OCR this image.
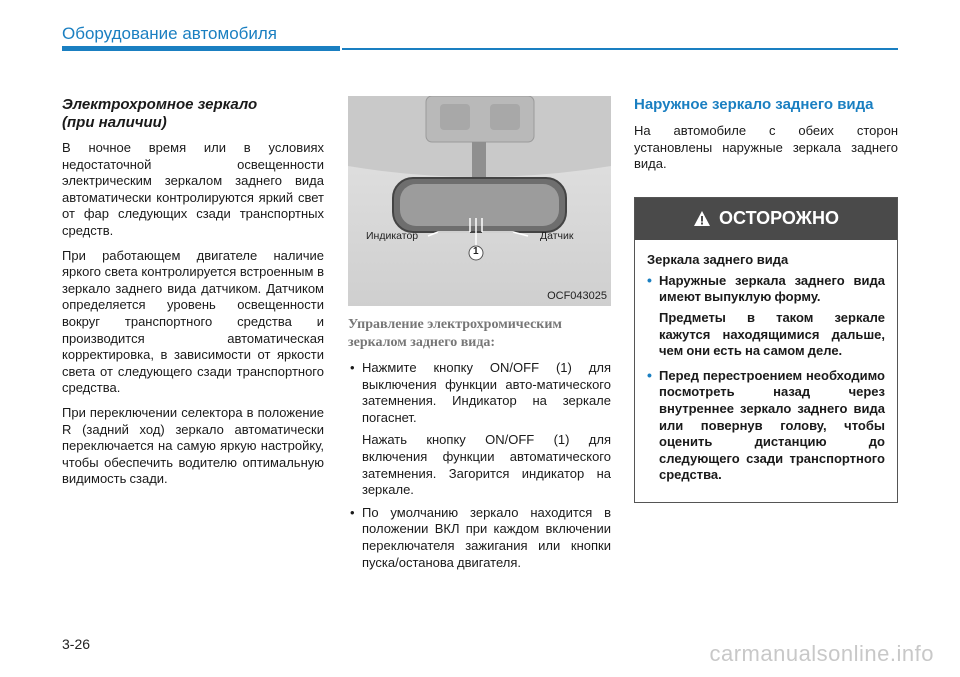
Оборудование автомобиля
Электрохромное зеркало
(при наличии)

В ночное время или в условиях недостаточной освещенности электрическим зеркалом заднего вида автоматически контролируются яркий свет от фар следующих сзади транспортных средств.

При работающем двигателе наличие яркого света контролируется встроенным в зеркало заднего вида датчиком. Датчиком определяется уровень освещенности вокруг транспортного средства и производится автоматическая корректировка, в зависимости от яркости света от следующего сзади транспортного средства.

При переключении селектора в положение R (задний ход) зеркало автоматически переключается на самую яркую настройку, чтобы обеспечить водителю оптимальную видимость сзади.

Индикатор	Датчик
1
OCF043025
Управление электрохромическим
зеркалом заднего вида:
• Нажмите кнопку ON/OFF (1) для выключения функции авто-матического затемнения. Индикатор на зеркале погаснет.
Нажать кнопку ON/OFF (1) для включения функции автоматического затемнения. Загорится индикатор на зеркале.
• По умолчанию зеркало находится в положении ВКЛ при каждом включении переключателя зажигания или кнопки пуска/останова двигателя.
Наружное зеркало заднего вида

На автомобиле с обеих сторон установлены наружные зеркала заднего вида.

ОСТОРОЖНО
Зеркала заднего вида
• Наружные зеркала заднего вида имеют выпуклую форму.
Предметы в таком зеркале кажутся находящимися дальше, чем они есть на самом деле.
• Перед перестроением необходимо посмотреть назад через внутреннее зеркало заднего вида или повернув голову, чтобы оценить дистанцию до следующего сзади транспортного средства.
3-26	carmanualsonline.info
